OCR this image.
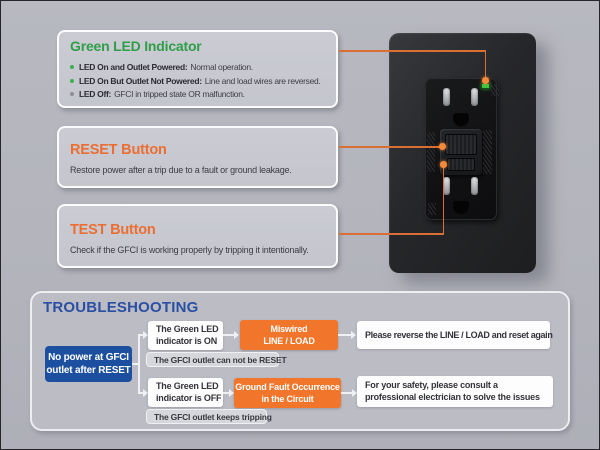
Green LED Indicator
LED On and Outlet Powered: Normal operation.
LED On But Outlet Not Powered: Line and load wires are reversed.
LED Off: GFCI in tripped state OR malfunction.
RESET Button
Restore power after a trip due to a fault or ground leakage.
TEST Button
Check if the GFCI is working properly by tripping it intentionally.
TROUBLESHOOTING
No power at GFCI
outlet after RESET
The Green LED
indicator is ON
Miswired
LINE / LOAD
Please reverse the LINE / LOAD and reset again
The GFCI outlet can not be RESET
The Green LED
indicator is OFF
Ground Fault Occurrence
in the Circuit
For your safety, please consult a professional electrician to solve the issues
The GFCI outlet keeps tripping
